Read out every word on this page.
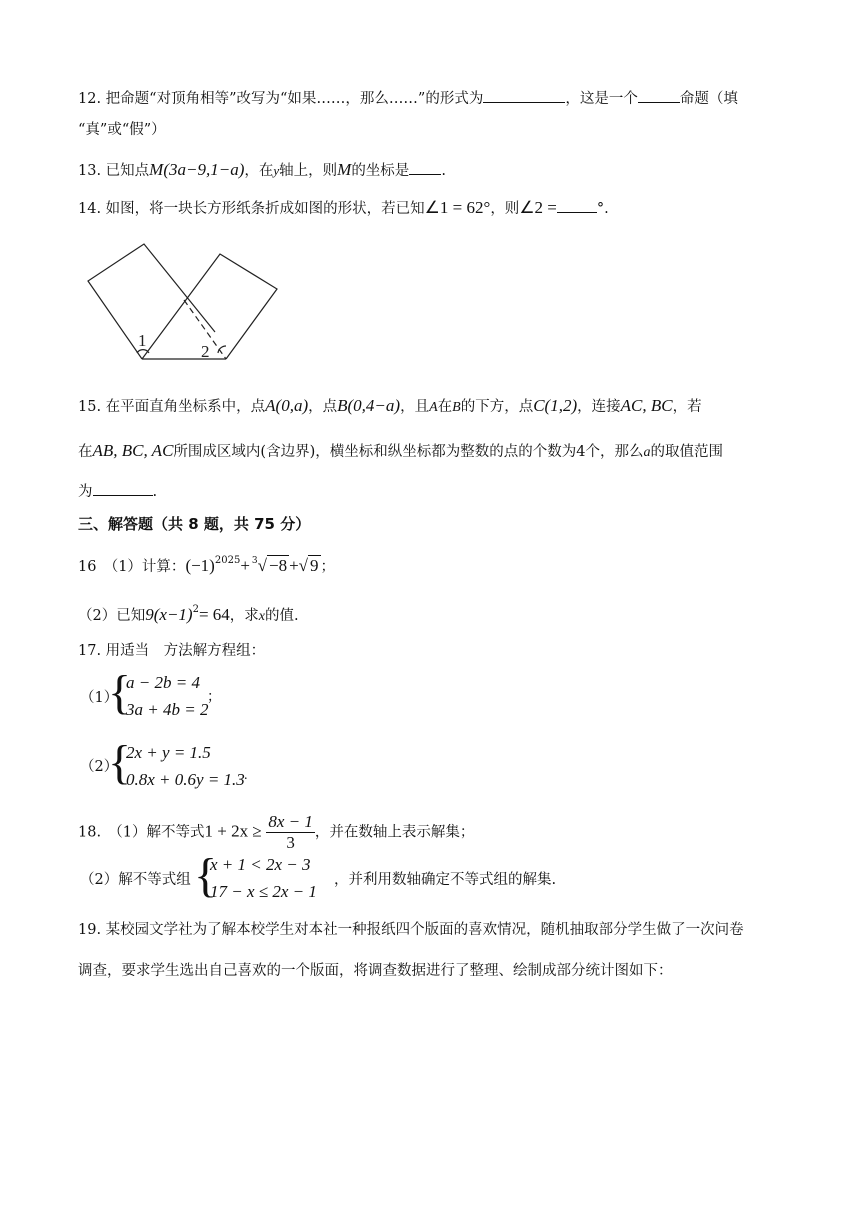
12. 把命题“对顶角相等”改写为“如果……，那么……”的形式为	，这是一个	命题（填
“真”或“假”）
13. 已知点M(3a−9,1−a)，在y轴上，则M的坐标是 .
14. 如图，将一块长方形纸条折成如图的形状，若已知∠1 = 62°，则∠2 =	°.
1
2
15. 在平面直角坐标系中，点A(0,a)，点B(0,4−a)，且A在B的下方，点C(1,2)，连接AC, BC，若
在AB, BC, AC所围成区域内(含边界)，横坐标和纵坐标都为整数的点的个数为4个，那么a的取值范围
为	.
三、解答题（共 8 题，共 75 分）
16　（1）计算：$(-1)^{2025}+ ^3√ -8$ +√ 9 ；
（2）已知$9(x-1)^2= 64$，求x的值.
17. 用适当　方法解方程组：
（1）
{
a − 2b = 4
3a + 4b = 2
；
（2）
{
2x + y = 1.5
0.8x + 0.6y = 1.3 .
18.　（1）解不等式$1 + 2x \ge \frac{8x - 1}{3}$ ，并在数轴上表示解集；
（2）解不等式组 {
x + 1 < 2x − 3
17 − x ≤ 2x − 1
，并利用数轴确定不等式组的解集.
19. 某校园文学社为了解本校学生对本社一种报纸四个版面的喜欢情况，随机抽取部分学生做了一次问卷
调查，要求学生选出自己喜欢的一个版面，将调查数据进行了整理、绘制成部分统计图如下：
